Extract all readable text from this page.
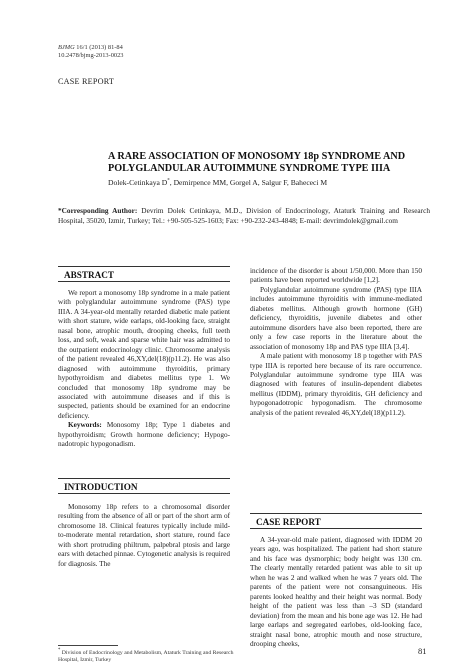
BJMG 16/1 (2013) 81-84
10.2478/bjmg-2013-0023
CASE REPORT
A RARE ASSOCIATION OF MONOSOMY 18p SYNDROME AND
POLYGLANDULAR AUTOIMMUNE SYNDROME TYPE IIIA
Dolek-Cetinkaya D*, Demirpence MM, Gorgel A, Salgur F, Bahececi M
*Corresponding Author: Devrim Dolek Cetinkaya, M.D., Division of Endocrinology, Ataturk Training and Research Hospital, 35020, Izmir, Turkey; Tel.: +90-505-525-1603; Fax: +90-232-243-4848; E-mail: devrimdolek@gmail.com
ABSTRACT

We report a monosomy 18p syndrome in a male patient with polyglandular autoimmune syndrome (PAS) type IIIA. A 34-year-old mentally retarded diabetic male patient with short stature, wide earlaps, old-looking face, straight nasal bone, atrophic mouth, drooping cheeks, full teeth loss, and soft, weak and sparse white hair was admitted to the outpatient endocrinology clinic. Chromosome analysis of the patient revealed 46,XY,del(18)(p11.2). He was also diagnosed with autoimmune thyroiditis, primary hypothyroidism and diabetes mellitus type 1. We concluded that monosomy 18p syndrome may be associated with autoimmune diseases and if this is suspected, patients should be examined for an endocrine deficiency.

Keywords: Monosomy 18p; Type 1 diabetes and hypothyroidism; Growth hormone deficiency; Hypogo-nadotropic hypogonadism.

INTRODUCTION

Monosomy 18p refers to a chromosomal disorder resulting from the absence of all or part of the short arm of chromosome 18. Clinical features typically include mild-to-moderate mental retardation, short stature, round face with short protruding philtrum, palpebral ptosis and large ears with detached pinnae. Cytogenetic analysis is required for diagnosis. The

incidence of the disorder is about 1/50,000. More than 150 patients have been reported worldwide [1,2].

Polyglandular autoimmune syndrome (PAS) type IIIA includes autoimmune thyroiditis with immune-mediated diabetes mellitus. Although growth hormone (GH) deficiency, thyroiditis, juvenile diabetes and other autoimmune disorders have also been reported, there are only a few case reports in the literature about the association of monosomy 18p and PAS type IIIA [3,4].

A male patient with monosomy 18 p together with PAS type IIIA is reported here because of its rare occurrence. Polyglandular autoimmune syndrome type IIIA was diagnosed with features of insulin-dependent diabetes mellitus (IDDM), primary thyroiditis, GH deficiency and hypogonadotropic hypogonadism. The chromosome analysis of the patient revealed 46,XY,del(18)(p11.2).

CASE REPORT

A 34-year-old male patient, diagnosed with IDDM 20 years ago, was hospitalized. The patient had short stature and his face was dysmorphic; body height was 130 cm. The clearly mentally retarded patient was able to sit up when he was 2 and walked when he was 7 years old. The parents of the patient were not consanguineous. His parents looked healthy and their height was normal. Body height of the patient was less than –3 SD (standard deviation) from the mean and his bone age was 12. He had large earlaps and segregated earlobes, old-looking face, straight nasal bone, atrophic mouth and nose structure, drooping cheeks,

* Division of Endocrinology and Metabolism, Ataturk Training and Research Hospital, Izmir, Turkey
81
